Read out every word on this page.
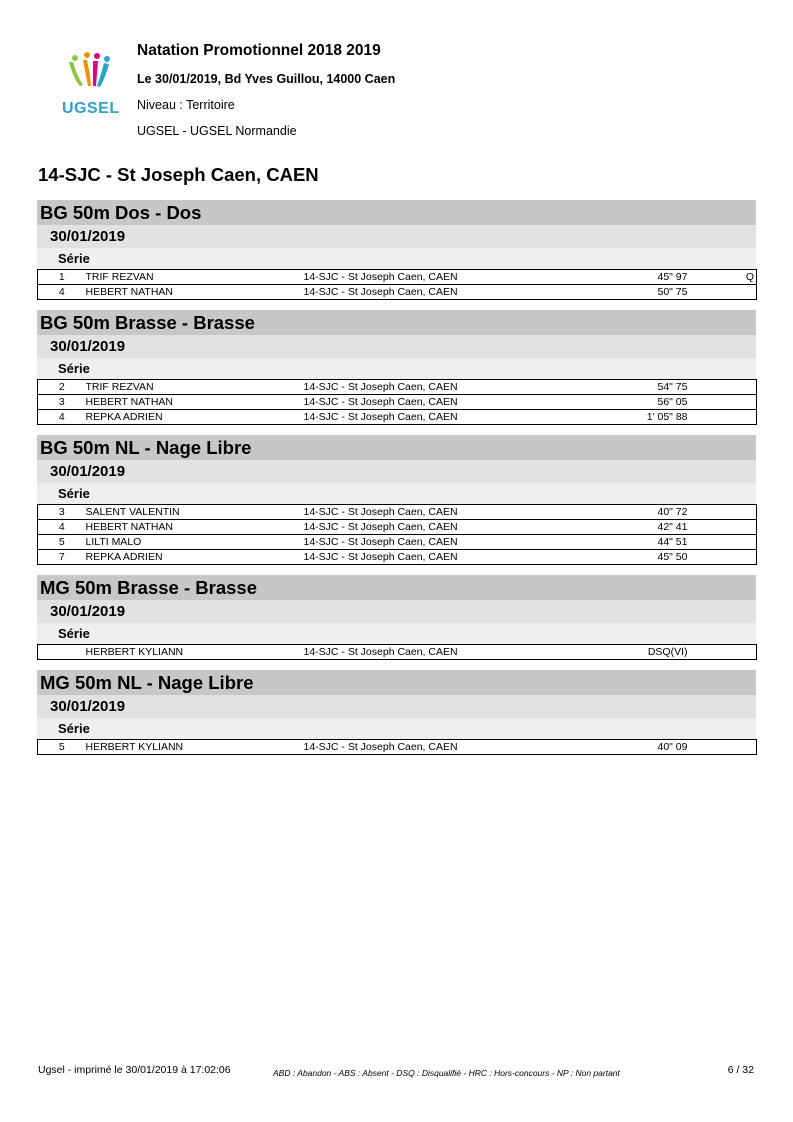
UGSEL
Natation Promotionnel 2018 2019
Le 30/01/2019, Bd Yves Guillou, 14000 Caen
Niveau : Territoire
UGSEL - UGSEL Normandie
14-SJC - St Joseph Caen, CAEN
BG 50m Dos - Dos
30/01/2019
Série
1	TRIF REZVAN	14-SJC - St Joseph Caen, CAEN	45" 97	Q
4	HEBERT NATHAN	14-SJC - St Joseph Caen, CAEN	50" 75	
BG 50m Brasse - Brasse
30/01/2019
Série
2	TRIF REZVAN	14-SJC - St Joseph Caen, CAEN	54" 75	
3	HEBERT NATHAN	14-SJC - St Joseph Caen, CAEN	56" 05	
4	REPKA ADRIEN	14-SJC - St Joseph Caen, CAEN	1' 05" 88	
BG 50m NL - Nage Libre
30/01/2019
Série
3	SALENT VALENTIN	14-SJC - St Joseph Caen, CAEN	40" 72	
4	HEBERT NATHAN	14-SJC - St Joseph Caen, CAEN	42" 41	
5	LILTI MALO	14-SJC - St Joseph Caen, CAEN	44" 51	
7	REPKA ADRIEN	14-SJC - St Joseph Caen, CAEN	45" 50	
MG 50m Brasse - Brasse
30/01/2019
Série
	HERBERT KYLIANN	14-SJC - St Joseph Caen, CAEN	DSQ(VI)	
MG 50m NL - Nage Libre
30/01/2019
Série
5	HERBERT KYLIANN	14-SJC - St Joseph Caen, CAEN	40" 09	
Ugsel - imprimé le 30/01/2019 à 17:02:06	ABD : Abandon - ABS : Absent - DSQ : Disqualifié - HRC : Hors-concours - NP : Non partant	6 / 32
